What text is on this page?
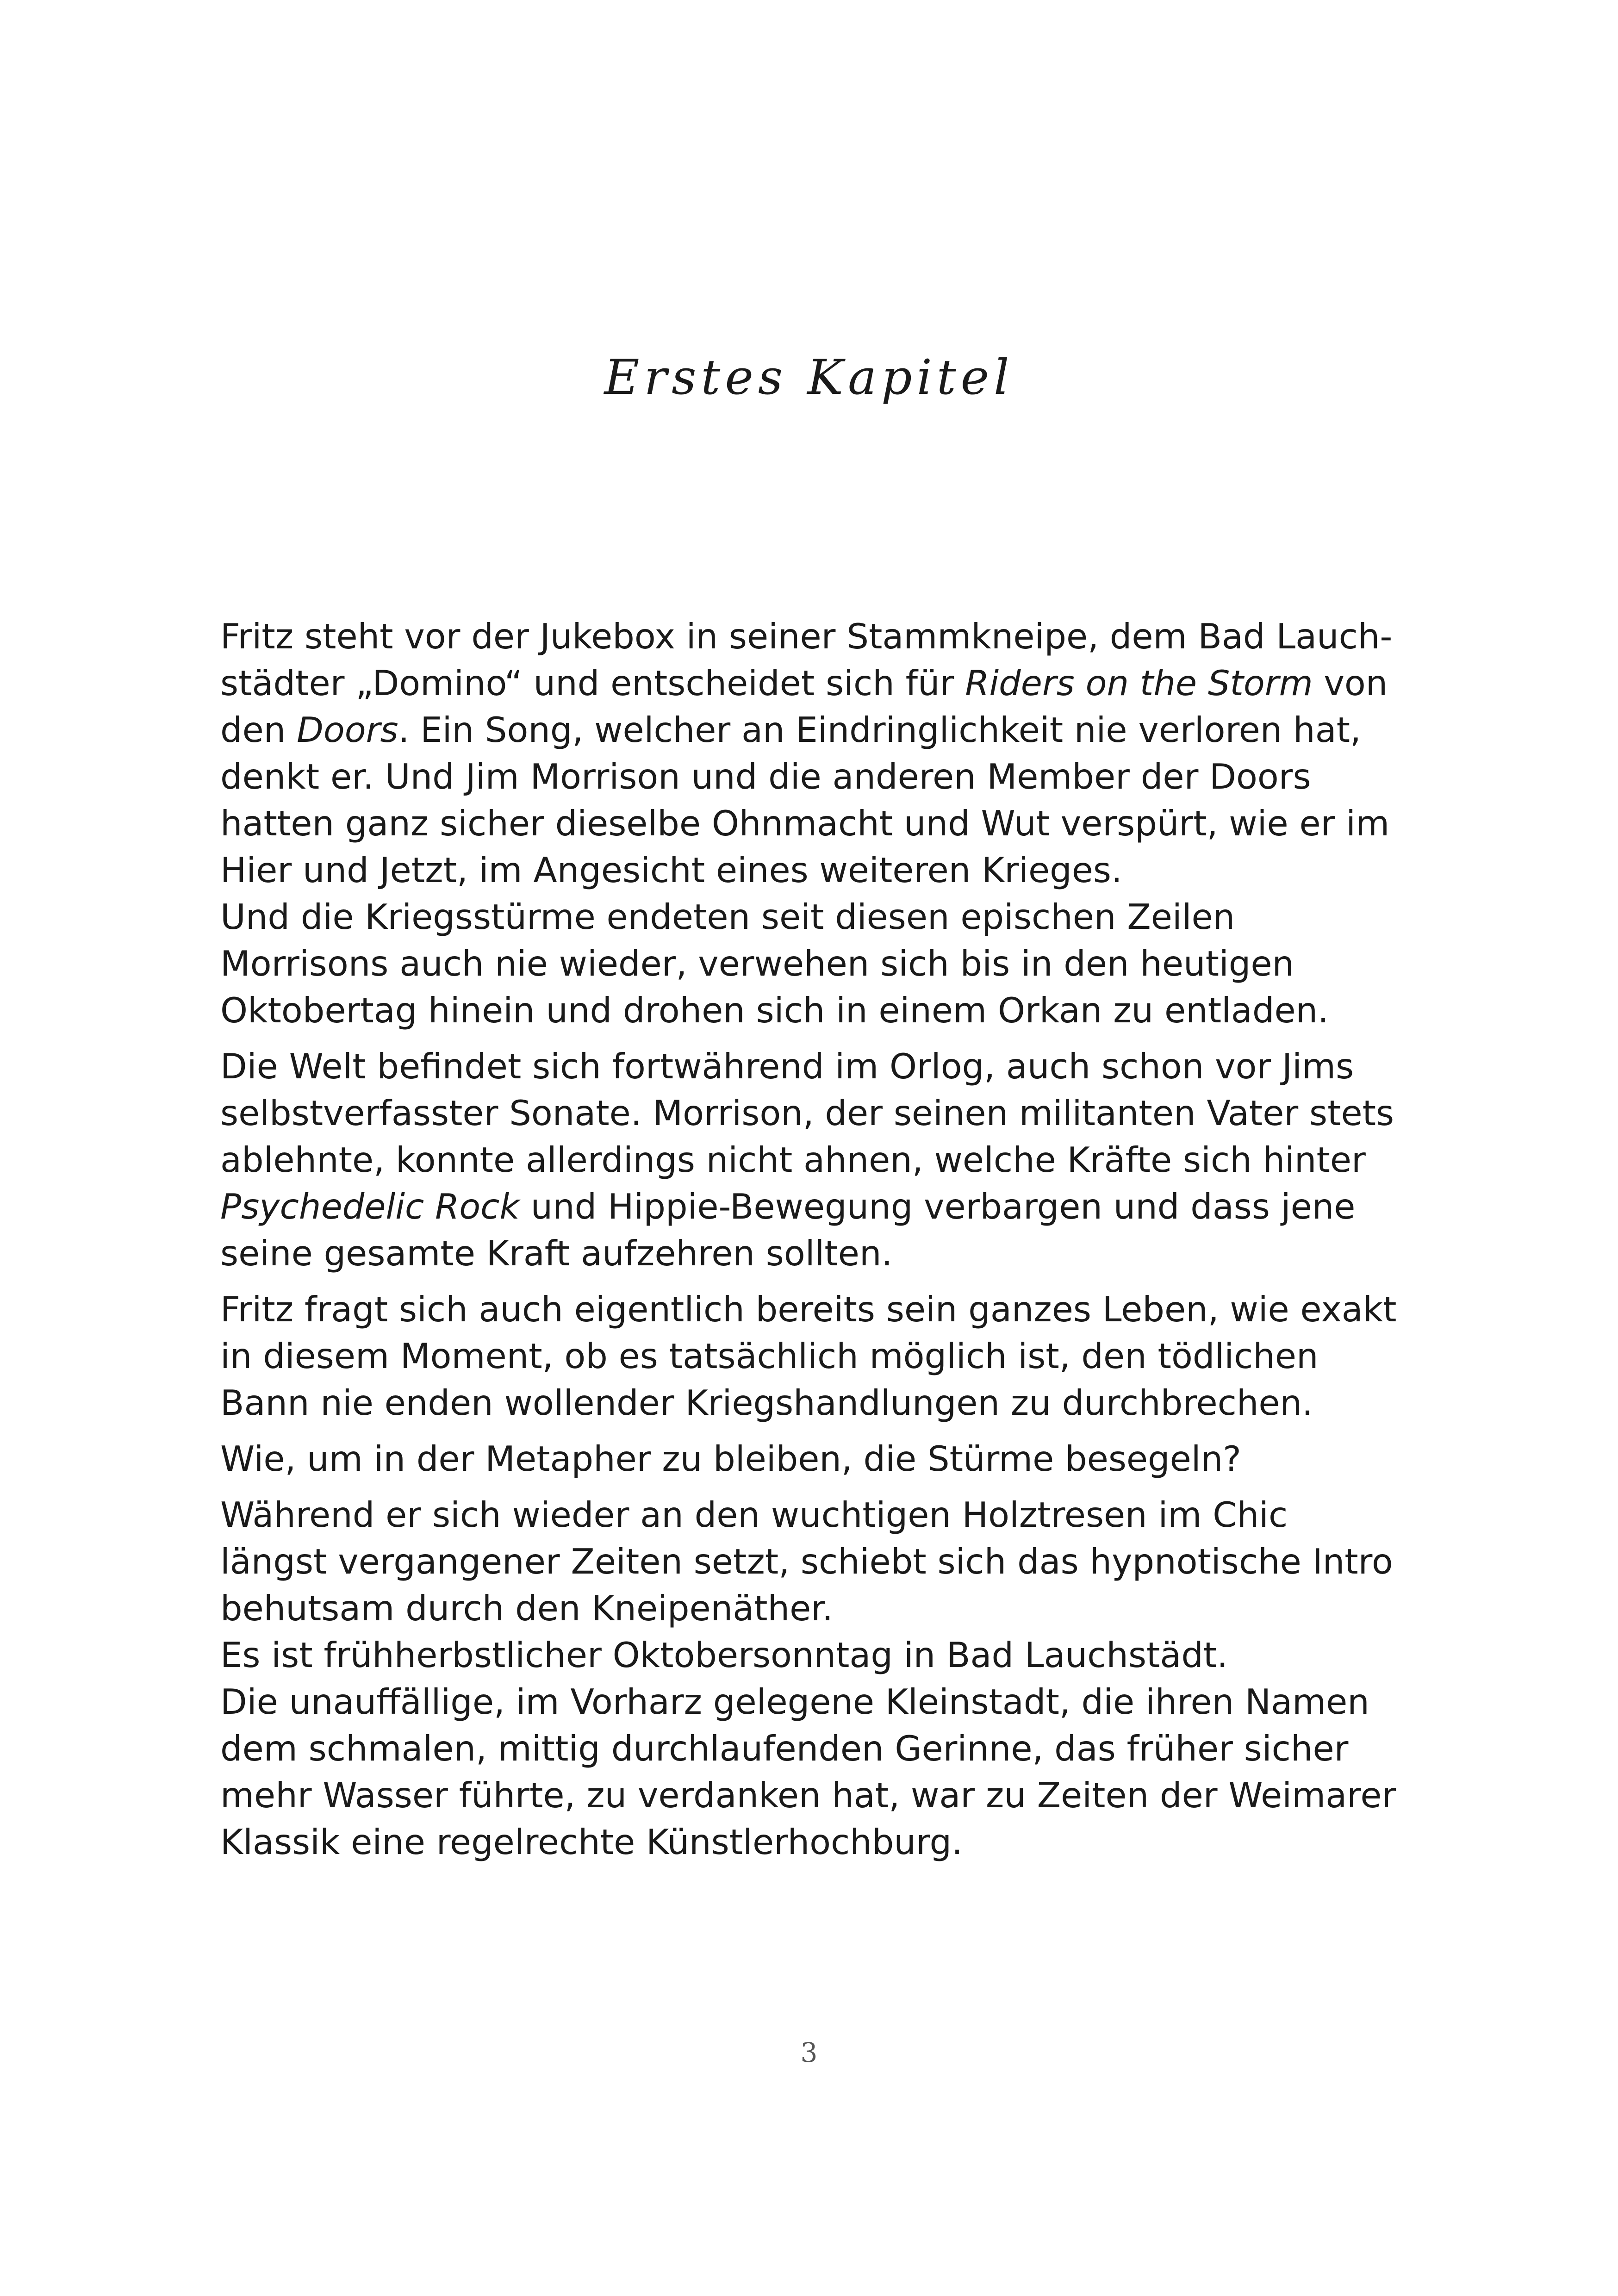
Erstes Kapitel

Fritz steht vor der Jukebox in seiner Stammkneipe, dem Bad Lauch-

städter „Domino“ und entscheidet sich für Riders on the Storm von

den Doors. Ein Song, welcher an Eindringlichkeit nie verloren hat,

denkt er. Und Jim Morrison und die anderen Member der Doors

hatten ganz sicher dieselbe Ohnmacht und Wut verspürt, wie er im

Hier und Jetzt, im Angesicht eines weiteren Krieges.

Und die Kriegsstürme endeten seit diesen epischen Zeilen

Morrisons auch nie wieder, verwehen sich bis in den heutigen

Oktobertag hinein und drohen sich in einem Orkan zu entladen.

Die Welt befindet sich fortwährend im Orlog, auch schon vor Jims

selbstverfasster Sonate. Morrison, der seinen militanten Vater stets

ablehnte, konnte allerdings nicht ahnen, welche Kräfte sich hinter

Psychedelic Rock und Hippie-Bewegung verbargen und dass jene

seine gesamte Kraft aufzehren sollten.

Fritz fragt sich auch eigentlich bereits sein ganzes Leben, wie exakt

in diesem Moment, ob es tatsächlich möglich ist, den tödlichen

Bann nie enden wollender Kriegshandlungen zu durchbrechen.

Wie, um in der Metapher zu bleiben, die Stürme besegeln?

Während er sich wieder an den wuchtigen Holztresen im Chic

längst vergangener Zeiten setzt, schiebt sich das hypnotische Intro

behutsam durch den Kneipenäther.

Es ist frühherbstlicher Oktobersonntag in Bad Lauchstädt.

Die unauffällige, im Vorharz gelegene Kleinstadt, die ihren Namen

dem schmalen, mittig durchlaufenden Gerinne, das früher sicher

mehr Wasser führte, zu verdanken hat, war zu Zeiten der Weimarer

Klassik eine regelrechte Künstlerhochburg.

3
